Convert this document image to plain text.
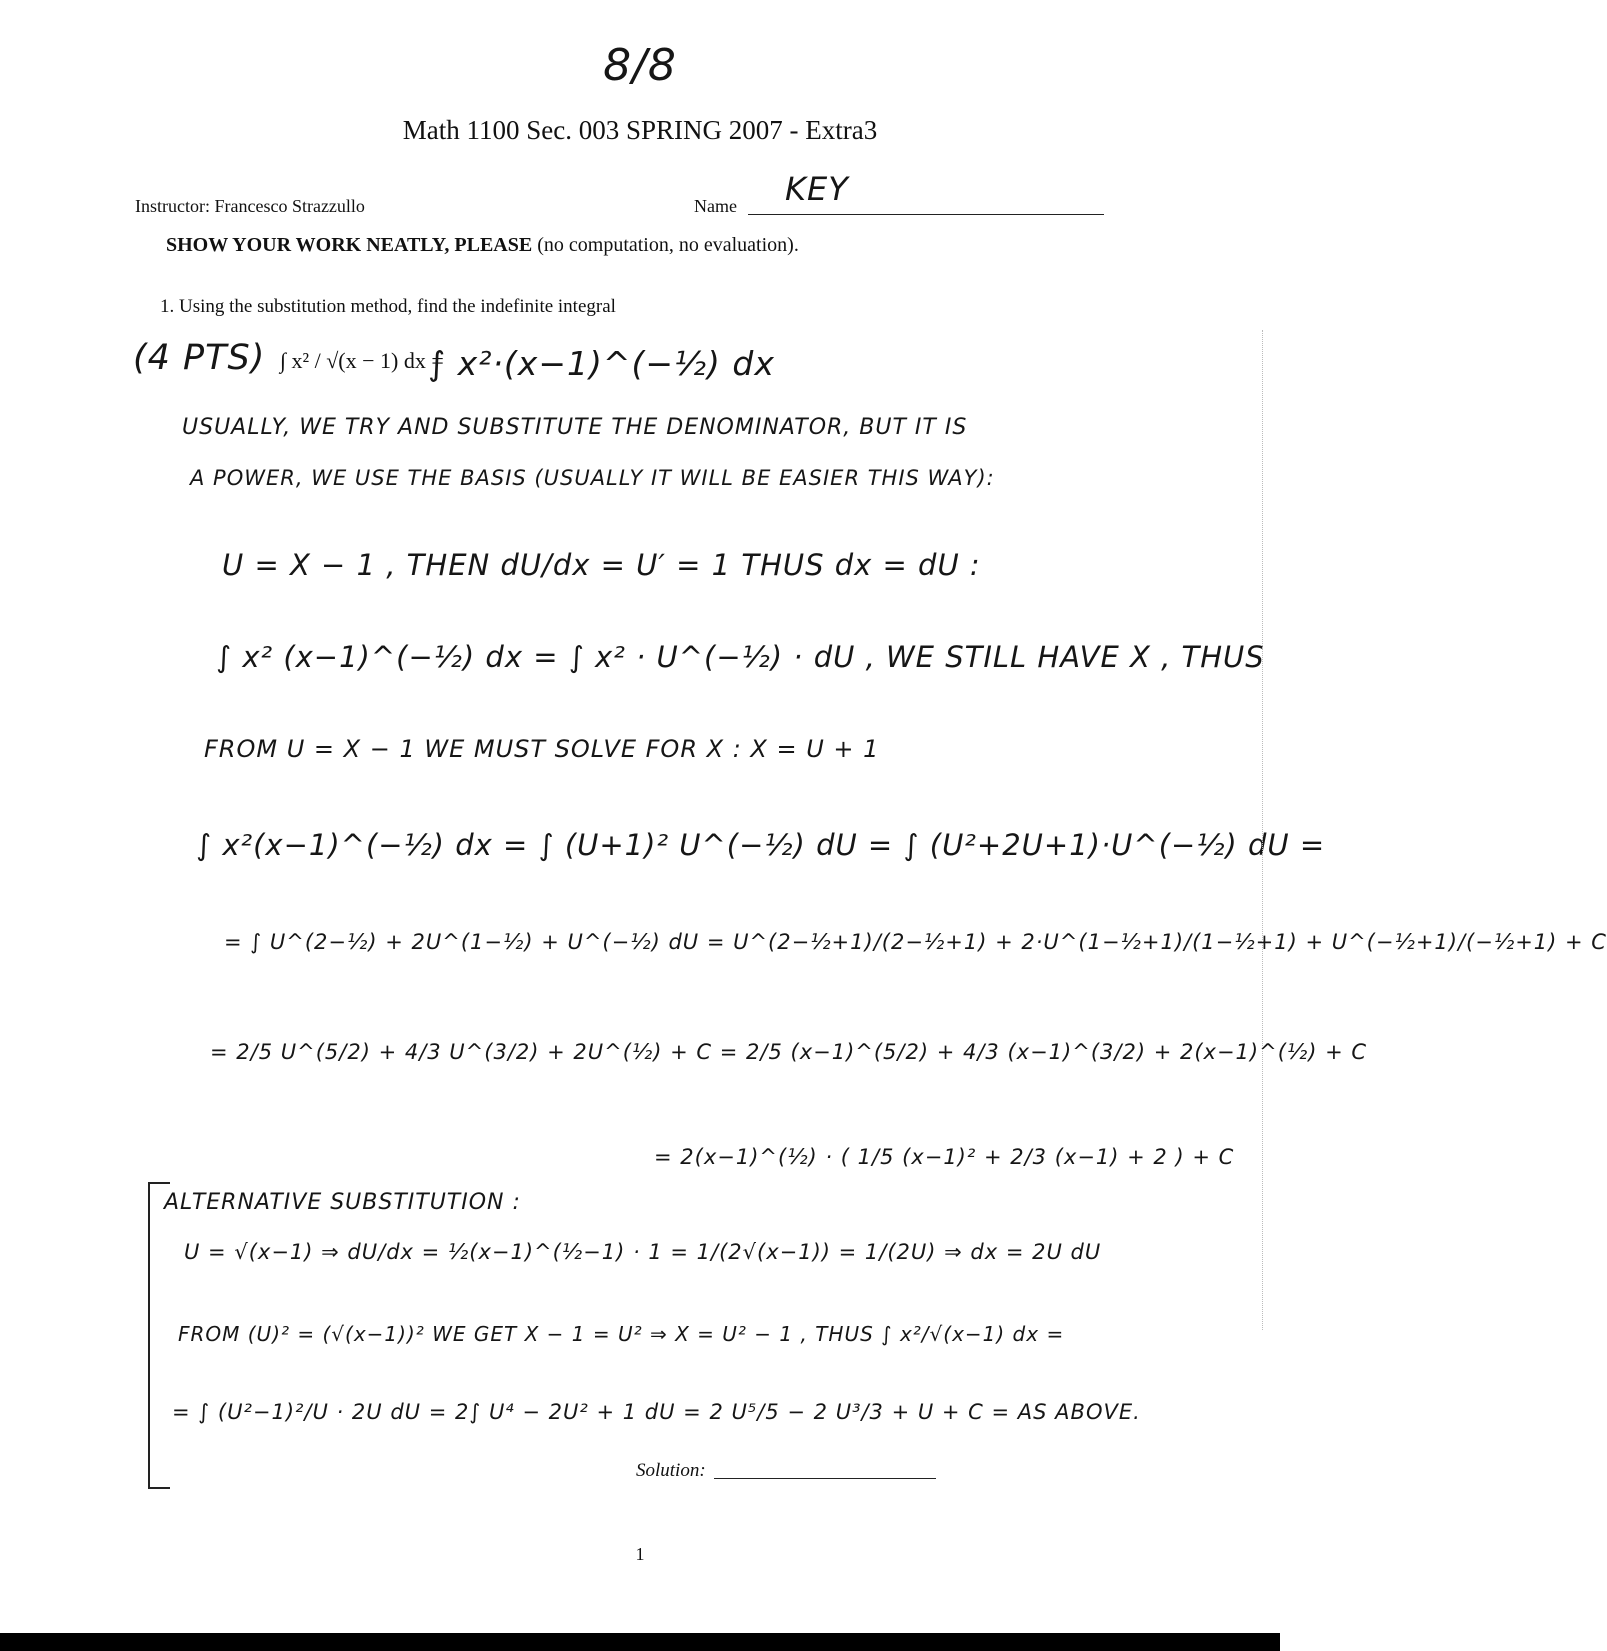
8/8
Math 1100 Sec. 003 SPRING 2007 - Extra3
Instructor: Francesco Strazzullo	Name KEY
SHOW YOUR WORK NEATLY, PLEASE (no computation, no evaluation).
1. Using the substitution method, find the indefinite integral
(4 PTS) ∫ x² / √(x − 1) dx =
∫ x²·(x−1)^(−½) dx
USUALLY, WE TRY AND SUBSTITUTE THE DENOMINATOR, BUT IT IS
A POWER, WE USE THE BASIS (USUALLY IT WILL BE EASIER THIS WAY):
U = X − 1 , THEN dU/dx = U′ = 1 THUS dx = dU :
∫ x² (x−1)^(−½) dx = ∫ x² · U^(−½) · dU , WE STILL HAVE X , THUS
FROM U = X − 1 WE MUST SOLVE FOR X : X = U + 1
∫ x²(x−1)^(−½) dx = ∫ (U+1)² U^(−½) dU = ∫ (U²+2U+1)·U^(−½) dU =
= ∫ U^(2−½) + 2U^(1−½) + U^(−½) dU = U^(2−½+1)/(2−½+1) + 2·U^(1−½+1)/(1−½+1) + U^(−½+1)/(−½+1) + C
= 2/5 U^(5/2) + 4/3 U^(3/2) + 2U^(½) + C = 2/5 (x−1)^(5/2) + 4/3 (x−1)^(3/2) + 2(x−1)^(½) + C
= 2(x−1)^(½) · ( 1/5 (x−1)² + 2/3 (x−1) + 2 ) + C
ALTERNATIVE SUBSTITUTION :
U = √(x−1) ⇒ dU/dx = ½(x−1)^(½−1) · 1 = 1/(2√(x−1)) = 1/(2U) ⇒ dx = 2U dU
FROM (U)² = (√(x−1))² WE GET X − 1 = U² ⇒ X = U² − 1 , THUS ∫ x²/√(x−1) dx =
= ∫ (U²−1)²/U · 2U dU = 2∫ U⁴ − 2U² + 1 dU = 2 U⁵/5 − 2 U³/3 + U + C = AS ABOVE.
Solution:
1
